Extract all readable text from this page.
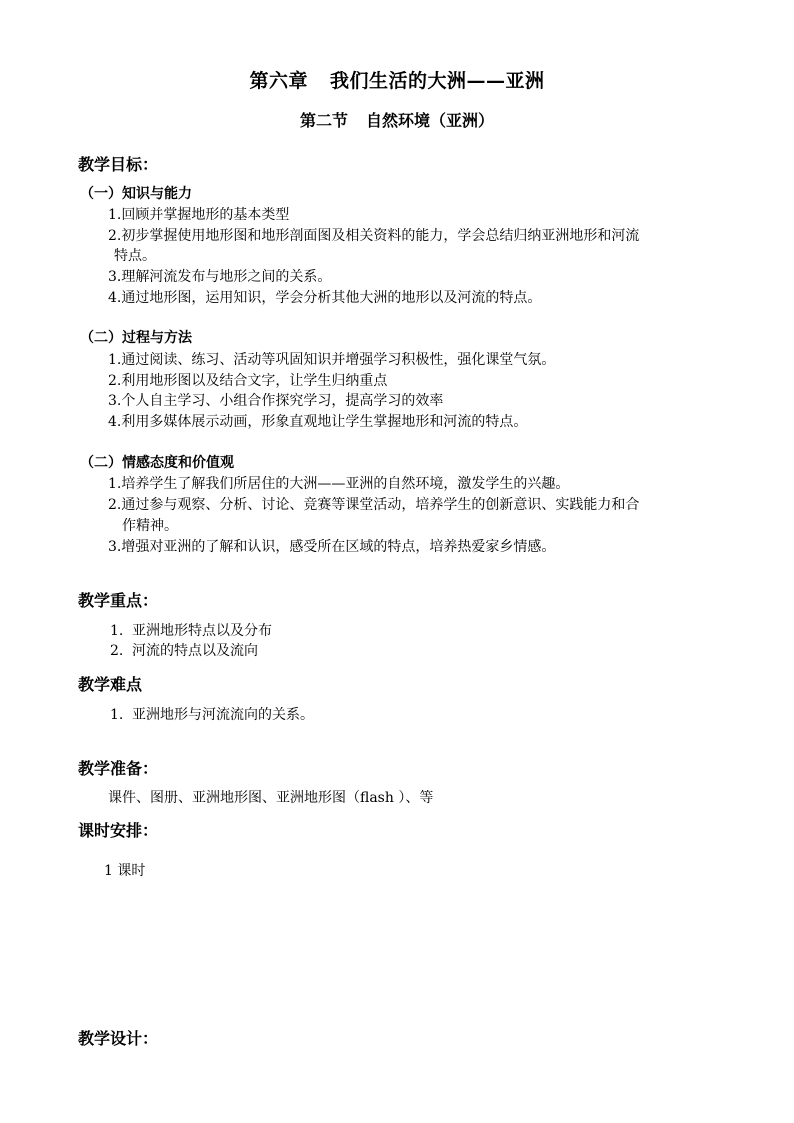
第六章 我们生活的大洲——亚洲
第二节 自然环境（亚洲）
教学目标：
（一）知识与能力
1.回顾并掌握地形的基本类型
2.初步掌握使用地形图和地形剖面图及相关资料的能力，学会总结归纳亚洲地形和河流
特点。
3.理解河流发布与地形之间的关系。
4.通过地形图，运用知识，学会分析其他大洲的地形以及河流的特点。
（二）过程与方法
1.通过阅读、练习、活动等巩固知识并增强学习积极性，强化课堂气氛。
2.利用地形图以及结合文字，让学生归纳重点
3.个人自主学习、小组合作探究学习，提高学习的效率
4.利用多媒体展示动画，形象直观地让学生掌握地形和河流的特点。
（二）情感态度和价值观
1.培养学生了解我们所居住的大洲——亚洲的自然环境，激发学生的兴趣。
2.通过参与观察、分析、讨论、竞赛等课堂活动，培养学生的创新意识、实践能力和合
作精神。
3.增强对亚洲的了解和认识，感受所在区域的特点，培养热爱家乡情感。
教学重点：
1. 亚洲地形特点以及分布
2. 河流的特点以及流向
教学难点
1. 亚洲地形与河流流向的关系。
教学准备：
课件、图册、亚洲地形图、亚洲地形图（flash ）、等
课时安排：
1 课时
教学设计：
